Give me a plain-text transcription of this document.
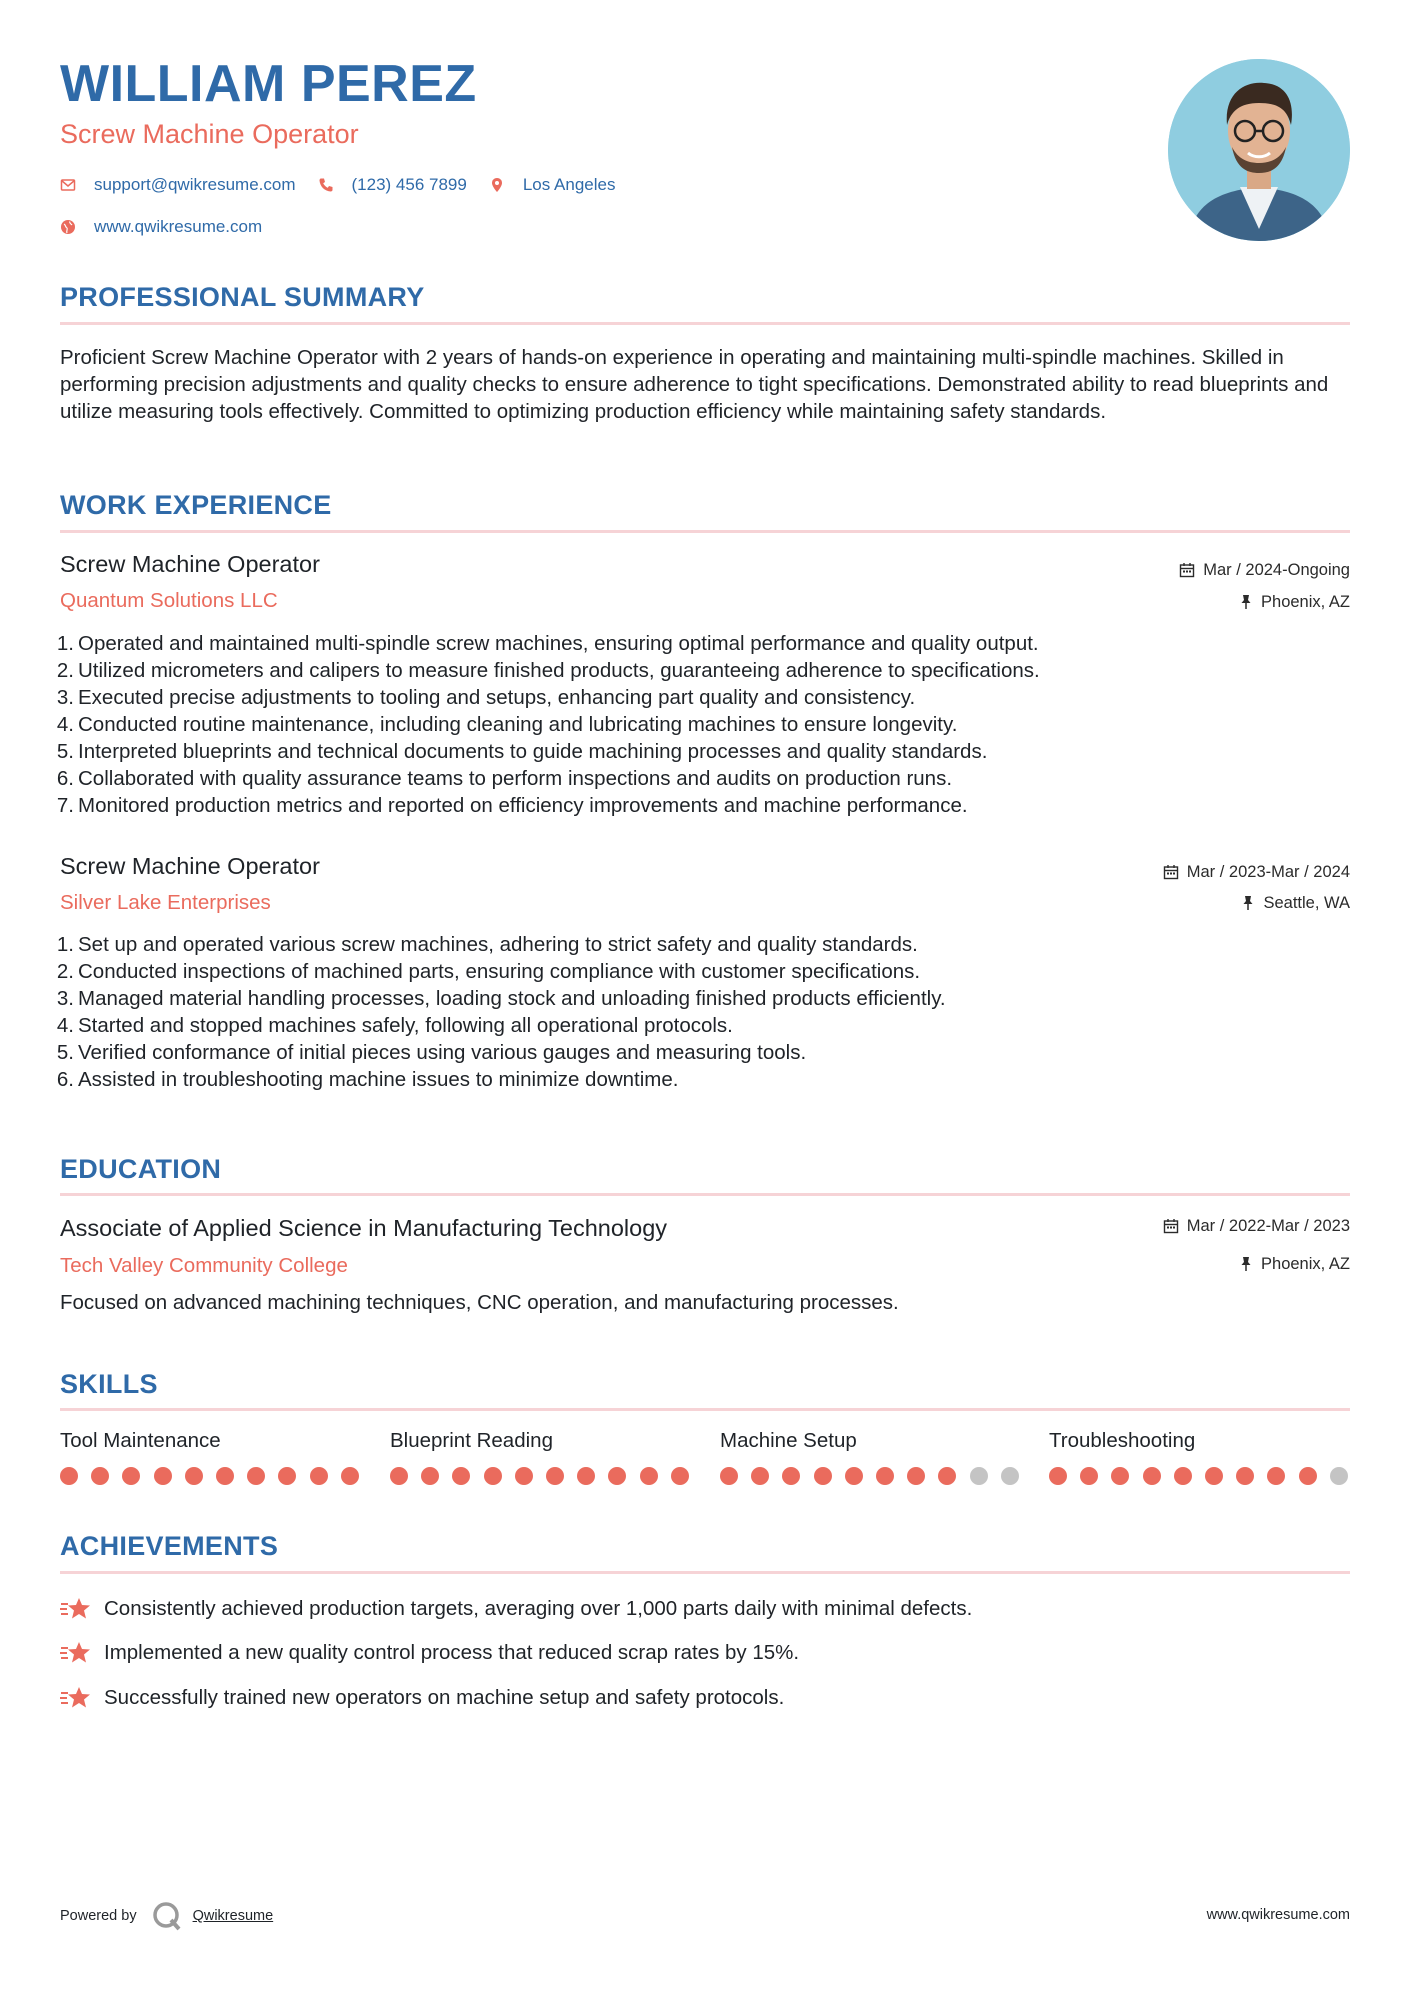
WILLIAM PEREZ
Screw Machine Operator
support@qwikresume.com	(123) 456 7899	Los Angeles
www.qwikresume.com
PROFESSIONAL SUMMARY
Proficient Screw Machine Operator with 2 years of hands-on experience in operating and maintaining multi-spindle machines. Skilled in performing precision adjustments and quality checks to ensure adherence to tight specifications. Demonstrated ability to read blueprints and utilize measuring tools effectively. Committed to optimizing production efficiency while maintaining safety standards.
WORK EXPERIENCE
Screw Machine Operator
Quantum Solutions LLC
Mar / 2024-Ongoing
Phoenix, AZ
1. Operated and maintained multi-spindle screw machines, ensuring optimal performance and quality output.
2. Utilized micrometers and calipers to measure finished products, guaranteeing adherence to specifications.
3. Executed precise adjustments to tooling and setups, enhancing part quality and consistency.
4. Conducted routine maintenance, including cleaning and lubricating machines to ensure longevity.
5. Interpreted blueprints and technical documents to guide machining processes and quality standards.
6. Collaborated with quality assurance teams to perform inspections and audits on production runs.
7. Monitored production metrics and reported on efficiency improvements and machine performance.
Screw Machine Operator
Silver Lake Enterprises
Mar / 2023-Mar / 2024
Seattle, WA
1. Set up and operated various screw machines, adhering to strict safety and quality standards.
2. Conducted inspections of machined parts, ensuring compliance with customer specifications.
3. Managed material handling processes, loading stock and unloading finished products efficiently.
4. Started and stopped machines safely, following all operational protocols.
5. Verified conformance of initial pieces using various gauges and measuring tools.
6. Assisted in troubleshooting machine issues to minimize downtime.
EDUCATION
Associate of Applied Science in Manufacturing Technology
Tech Valley Community College
Mar / 2022-Mar / 2023
Phoenix, AZ
Focused on advanced machining techniques, CNC operation, and manufacturing processes.
SKILLS
Tool Maintenance	Blueprint Reading	Machine Setup	Troubleshooting
ACHIEVEMENTS
Consistently achieved production targets, averaging over 1,000 parts daily with minimal defects.
Implemented a new quality control process that reduced scrap rates by 15%.
Successfully trained new operators on machine setup and safety protocols.
Powered by	Qwikresume	www.qwikresume.com
